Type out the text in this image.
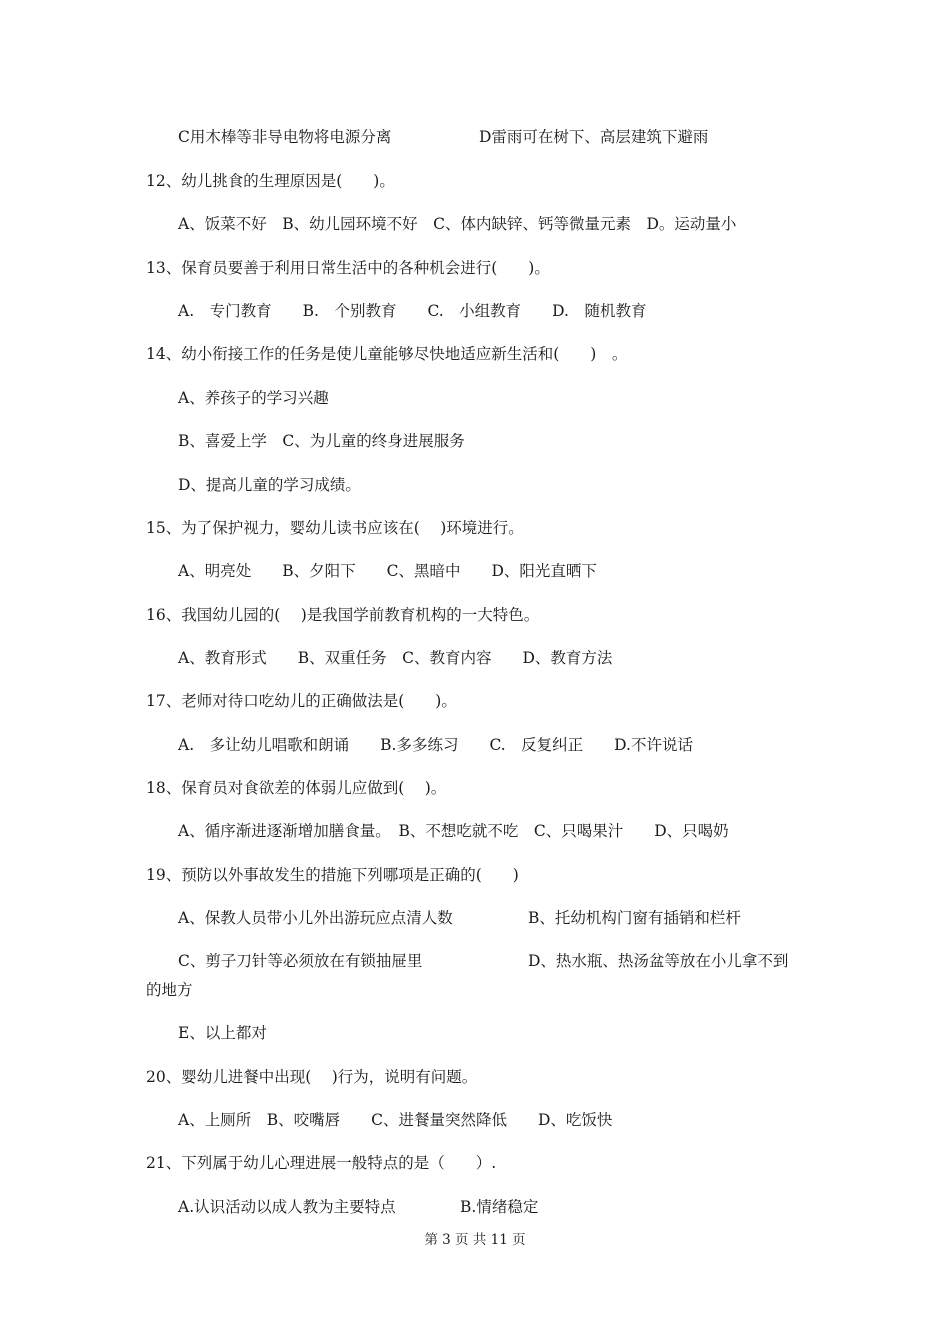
C用木棒等非导电物将电源分离	D雷雨可在树下、高层建筑下避雨
12、幼儿挑食的生理原因是(　　)。
A、饭菜不好　B、幼儿园环境不好　C、体内缺锌、钙等微量元素　D。运动量小
13、保育员要善于利用日常生活中的各种机会进行(　　)。
A.　专门教育　　B.　个别教育　　C.　小组教育　　D.　随机教育
14、幼小衔接工作的任务是使儿童能够尽快地适应新生活和(　　)　。
A、养孩子的学习兴趣
B、喜爱上学　C、为儿童的终身进展服务
D、提高儿童的学习成绩。
15、为了保护视力，婴幼儿读书应该在(　 )环境进行。
A、明亮处　　B、夕阳下　　C、黑暗中　　D、阳光直晒下
16、我国幼儿园的(　 )是我国学前教育机构的一大特色。
A、教育形式　　B、双重任务　C、教育内容　　D、教育方法
17、老师对待口吃幼儿的正确做法是(　　)。
A.　多让幼儿唱歌和朗诵　　B.多多练习　　C.　反复纠正　　D.不许说话
18、保育员对食欲差的体弱儿应做到(　 )。
A、循序渐进逐渐增加膳食量。　B、不想吃就不吃　C、只喝果汁　　D、只喝奶
19、预防以外事故发生的措施下列哪项是正确的(　　)
A、保教人员带小儿外出游玩应点清人数	B、托幼机构门窗有插销和栏杆
C、剪子刀针等必须放在有锁抽屉里	D、热水瓶、热汤盆等放在小儿拿不到
的地方
E、以上都对
20、婴幼儿进餐中出现(　 )行为，说明有问题。
A、上厕所　B、咬嘴唇　　C、进餐量突然降低　　D、吃饭快
21、下列属于幼儿心理进展一般特点的是（　　）.
A.认识活动以成人教为主要特点	B.情绪稳定
第 3 页 共 11 页
